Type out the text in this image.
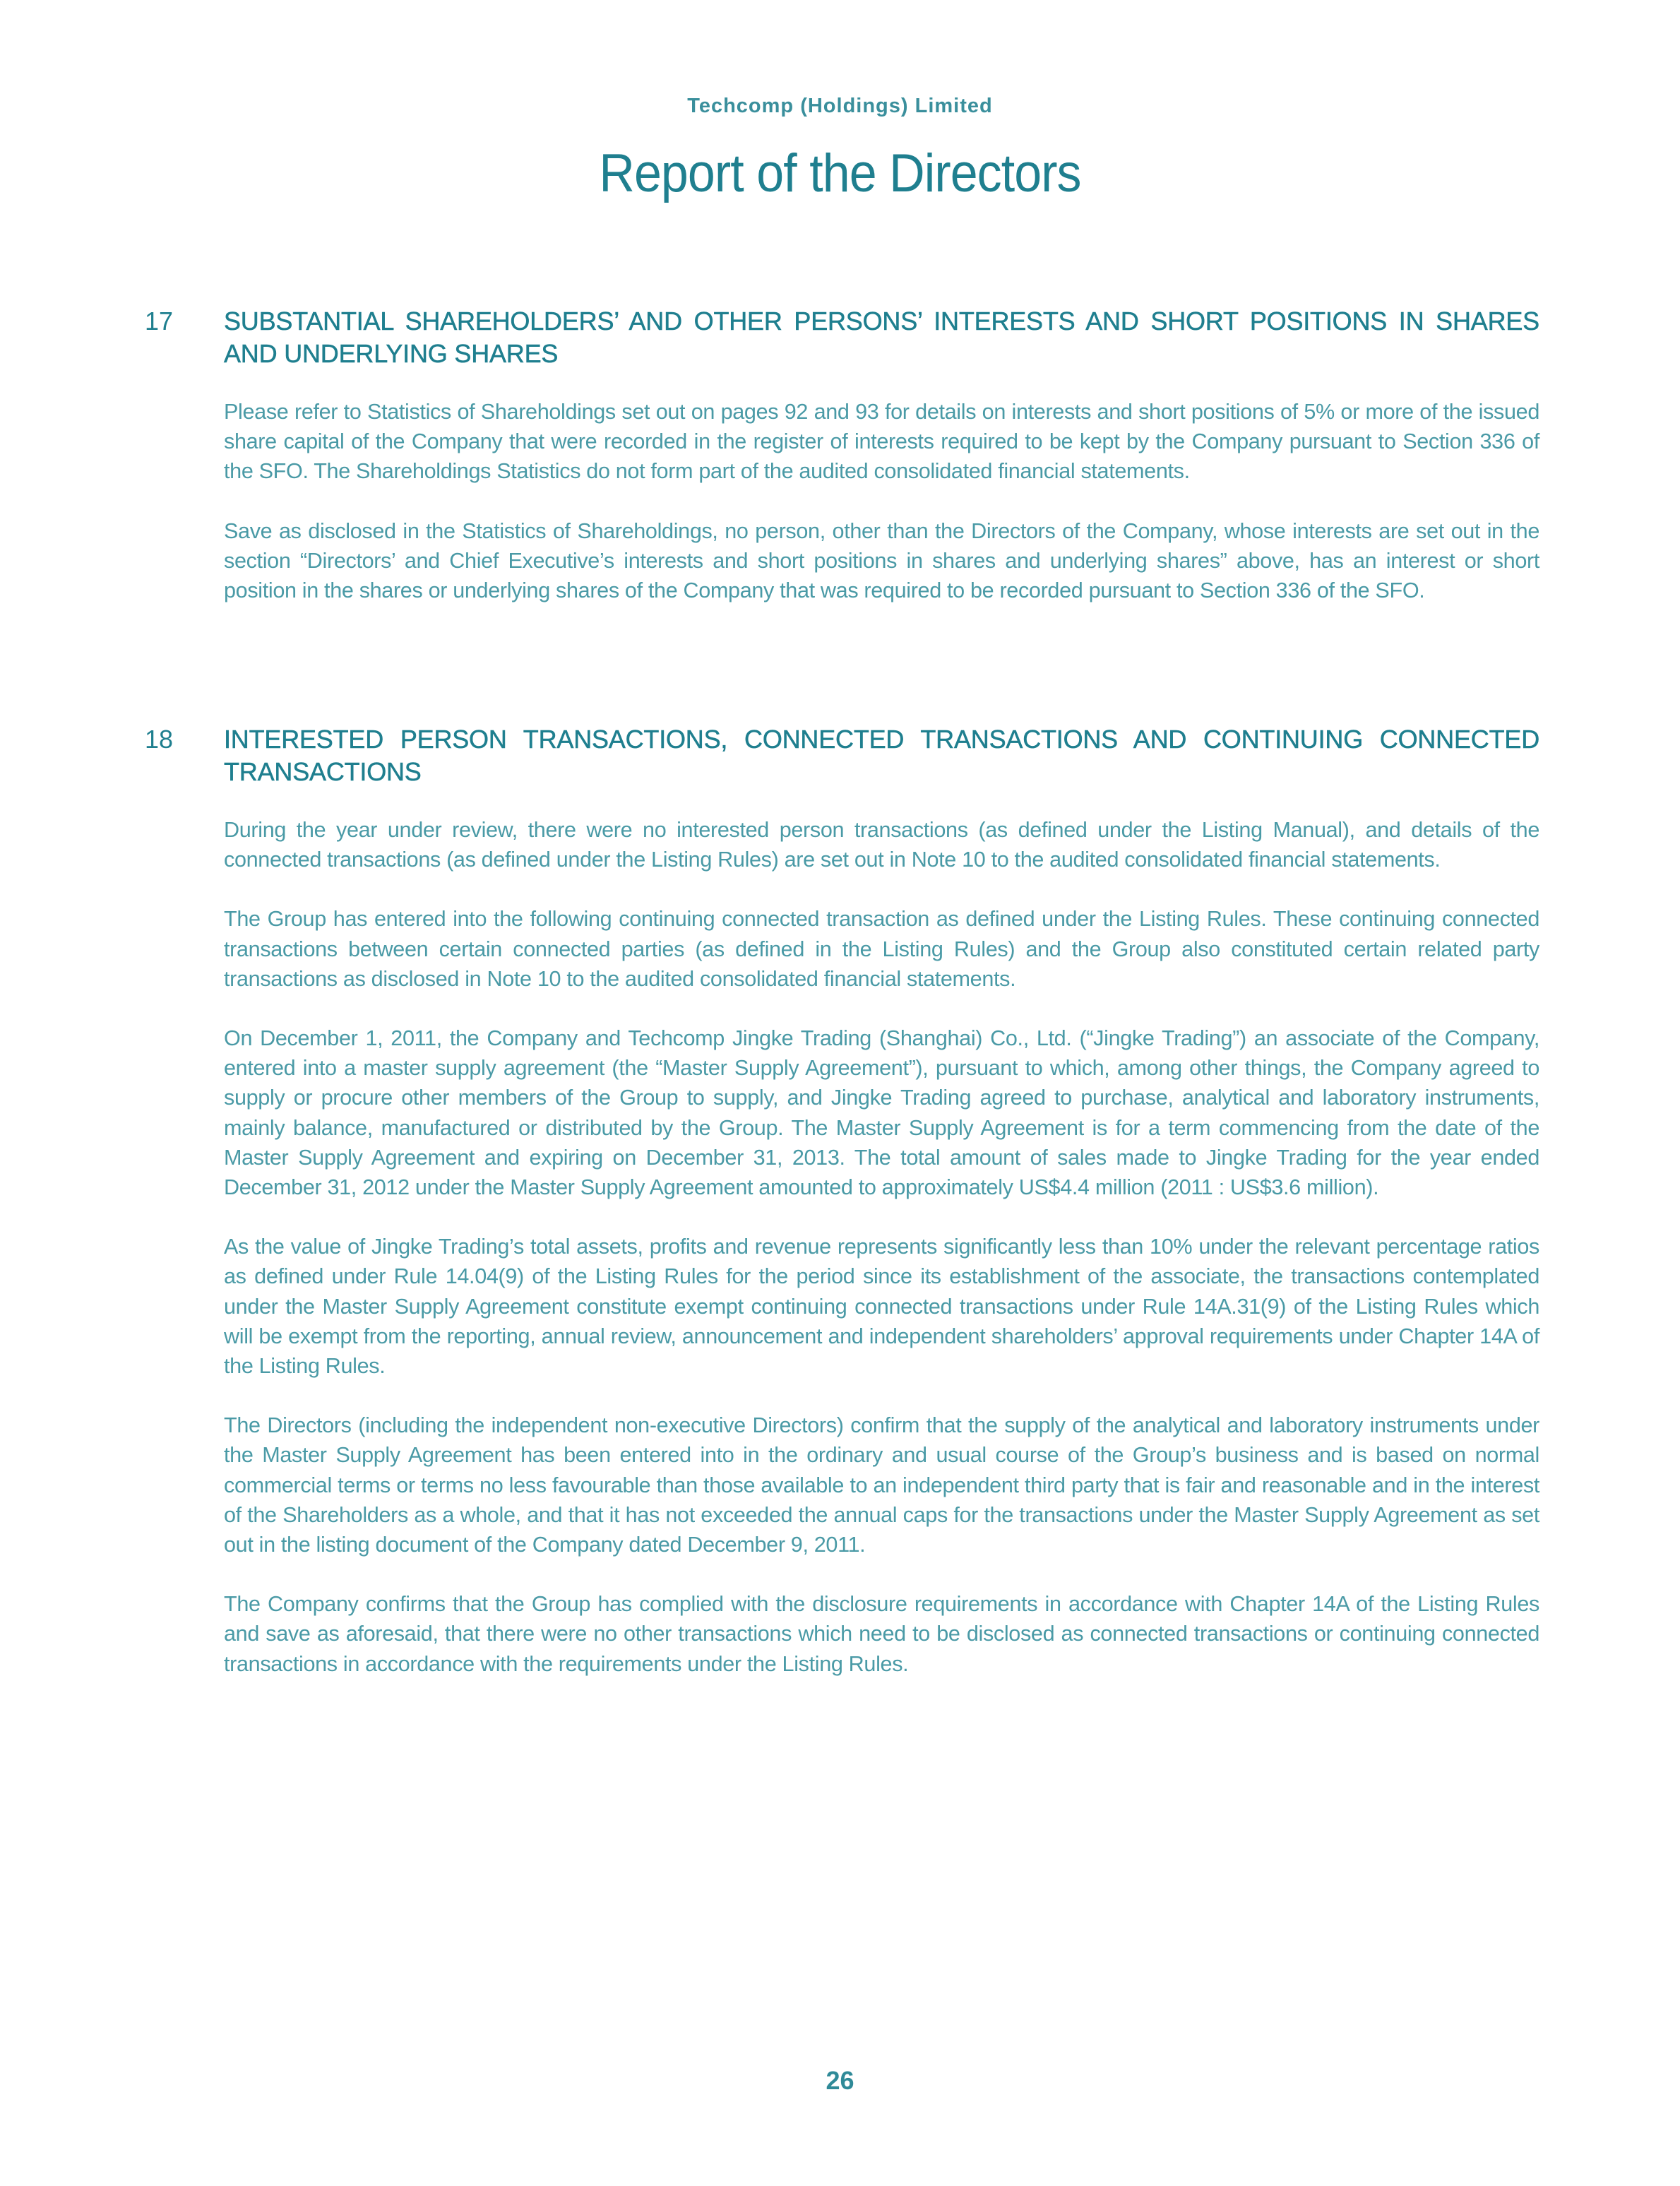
Techcomp (Holdings) Limited
Report of the Directors
17 SUBSTANTIAL SHAREHOLDERS’ AND OTHER PERSONS’ INTERESTS AND SHORT POSITIONS IN SHARES AND UNDERLYING SHARES

Please refer to Statistics of Shareholdings set out on pages 92 and 93 for details on interests and short positions of 5% or more of the issued share capital of the Company that were recorded in the register of interests required to be kept by the Company pursuant to Section 336 of the SFO. The Shareholdings Statistics do not form part of the audited consolidated financial statements.

Save as disclosed in the Statistics of Shareholdings, no person, other than the Directors of the Company, whose interests are set out in the section “Directors’ and Chief Executive’s interests and short positions in shares and underlying shares” above, has an interest or short position in the shares or underlying shares of the Company that was required to be recorded pursuant to Section 336 of the SFO.

18 INTERESTED PERSON TRANSACTIONS, CONNECTED TRANSACTIONS AND CONTINUING CONNECTED TRANSACTIONS

During the year under review, there were no interested person transactions (as defined under the Listing Manual), and details of the connected transactions (as defined under the Listing Rules) are set out in Note 10 to the audited consolidated financial statements.

The Group has entered into the following continuing connected transaction as defined under the Listing Rules. These continuing connected transactions between certain connected parties (as defined in the Listing Rules) and the Group also constituted certain related party transactions as disclosed in Note 10 to the audited consolidated financial statements.

On December 1, 2011, the Company and Techcomp Jingke Trading (Shanghai) Co., Ltd. (“Jingke Trading”) an associate of the Company, entered into a master supply agreement (the “Master Supply Agreement”), pursuant to which, among other things, the Company agreed to supply or procure other members of the Group to supply, and Jingke Trading agreed to purchase, analytical and laboratory instruments, mainly balance, manufactured or distributed by the Group. The Master Supply Agreement is for a term commencing from the date of the Master Supply Agreement and expiring on December 31, 2013. The total amount of sales made to Jingke Trading for the year ended December 31, 2012 under the Master Supply Agreement amounted to approximately US$4.4 million (2011 : US$3.6 million).

As the value of Jingke Trading’s total assets, profits and revenue represents significantly less than 10% under the relevant percentage ratios as defined under Rule 14.04(9) of the Listing Rules for the period since its establishment of the associate, the transactions contemplated under the Master Supply Agreement constitute exempt continuing connected transactions under Rule 14A.31(9) of the Listing Rules which will be exempt from the reporting, annual review, announcement and independent shareholders’ approval requirements under Chapter 14A of the Listing Rules.

The Directors (including the independent non-executive Directors) confirm that the supply of the analytical and laboratory instruments under the Master Supply Agreement has been entered into in the ordinary and usual course of the Group’s business and is based on normal commercial terms or terms no less favourable than those available to an independent third party that is fair and reasonable and in the interest of the Shareholders as a whole, and that it has not exceeded the annual caps for the transactions under the Master Supply Agreement as set out in the listing document of the Company dated December 9, 2011.

The Company confirms that the Group has complied with the disclosure requirements in accordance with Chapter 14A of the Listing Rules and save as aforesaid, that there were no other transactions which need to be disclosed as connected transactions or continuing connected transactions in accordance with the requirements under the Listing Rules.

26
